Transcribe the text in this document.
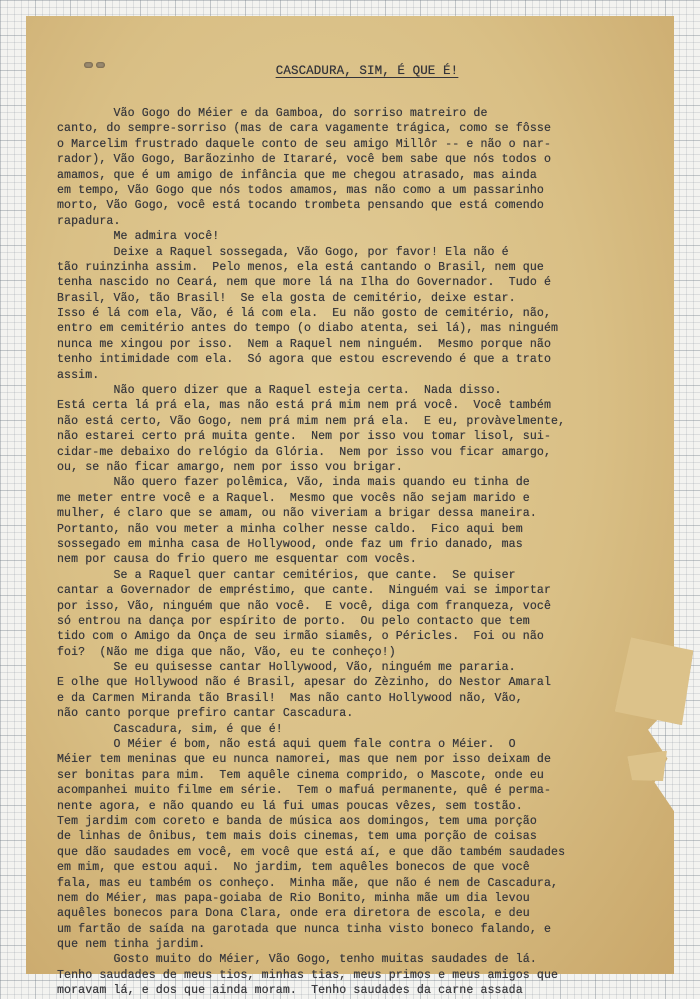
CASCADURA, SIM, É QUE É!

Vão Gogo do Méier e da Gamboa, do sorriso matreiro de
canto, do sempre-sorriso (mas de cara vagamente trágica, como se fôsse
o Marcelim frustrado daquele conto de seu amigo Millôr -- e não o nar-
rador), Vão Gogo, Barãozinho de Itararé, você bem sabe que nós todos o
amamos, que é um amigo de infância que me chegou atrasado, mas ainda
em tempo, Vão Gogo que nós todos amamos, mas não como a um passarinho
morto, Vão Gogo, você está tocando trombeta pensando que está comendo
rapadura.
Me admira você!
Deixe a Raquel sossegada, Vão Gogo, por favor! Ela não é
tão ruinzinha assim.  Pelo menos, ela está cantando o Brasil, nem que
tenha nascido no Ceará, nem que more lá na Ilha do Governador.  Tudo é
Brasil, Vão, tão Brasil!  Se ela gosta de cemitério, deixe estar.
Isso é lá com ela, Vão, é lá com ela.  Eu não gosto de cemitério, não,
entro em cemitério antes do tempo (o diabo atenta, sei lá), mas ninguém
nunca me xingou por isso.  Nem a Raquel nem ninguém.  Mesmo porque não
tenho intimidade com ela.  Só agora que estou escrevendo é que a trato
assim.
Não quero dizer que a Raquel esteja certa.  Nada disso.
Está certa lá prá ela, mas não está prá mim nem prá você.  Você também
não está certo, Vão Gogo, nem prá mim nem prá ela.  E eu, provàvelmente,
não estarei certo prá muita gente.  Nem por isso vou tomar lisol, sui-
cidar-me debaixo do relógio da Glória.  Nem por isso vou ficar amargo,
ou, se não ficar amargo, nem por isso vou brigar.
Não quero fazer polêmica, Vão, inda mais quando eu tinha de
me meter entre você e a Raquel.  Mesmo que vocês não sejam marido e
mulher, é claro que se amam, ou não viveriam a brigar dessa maneira.
Portanto, não vou meter a minha colher nesse caldo.  Fico aqui bem
sossegado em minha casa de Hollywood, onde faz um frio danado, mas
nem por causa do frio quero me esquentar com vocês.
Se a Raquel quer cantar cemitérios, que cante.  Se quiser
cantar a Governador de empréstimo, que cante.  Ninguém vai se importar
por isso, Vão, ninguém que não você.  E você, diga com franqueza, você
só entrou na dança por espírito de porto.  Ou pelo contacto que tem
tido com o Amigo da Onça de seu irmão siamês, o Péricles.  Foi ou não
foi?  (Não me diga que não, Vão, eu te conheço!)
Se eu quisesse cantar Hollywood, Vão, ninguém me pararia.
E olhe que Hollywood não é Brasil, apesar do Zèzinho, do Nestor Amaral
e da Carmen Miranda tão Brasil!  Mas não canto Hollywood não, Vão,
não canto porque prefiro cantar Cascadura.
Cascadura, sim, é que é!
O Méier é bom, não está aqui quem fale contra o Méier.  O
Méier tem meninas que eu nunca namorei, mas que nem por isso deixam de
ser bonitas para mim.  Tem aquêle cinema comprido, o Mascote, onde eu
acompanhei muito filme em série.  Tem o mafuá permanente, quê é perma-
nente agora, e não quando eu lá fui umas poucas vêzes, sem tostão.
Tem jardim com coreto e banda de música aos domingos, tem uma porção
de linhas de ônibus, tem mais dois cinemas, tem uma porção de coisas
que dão saudades em você, em você que está aí, e que dão também saudades
em mim, que estou aqui.  No jardim, tem aquêles bonecos de que você
fala, mas eu também os conheço.  Minha mãe, que não é nem de Cascadura,
nem do Méier, mas papa-goiaba de Rio Bonito, minha mãe um dia levou
aquêles bonecos para Dona Clara, onde era diretora de escola, e deu
um fartão de saída na garotada que nunca tinha visto boneco falando, e
que nem tinha jardim.
Gosto muito do Méier, Vão Gogo, tenho muitas saudades de lá.
Tenho saudades de meus tios, minhas tias, meus primos e meus amigos que
moravam lá, e dos que ainda moram.  Tenho saudades da carne assada
